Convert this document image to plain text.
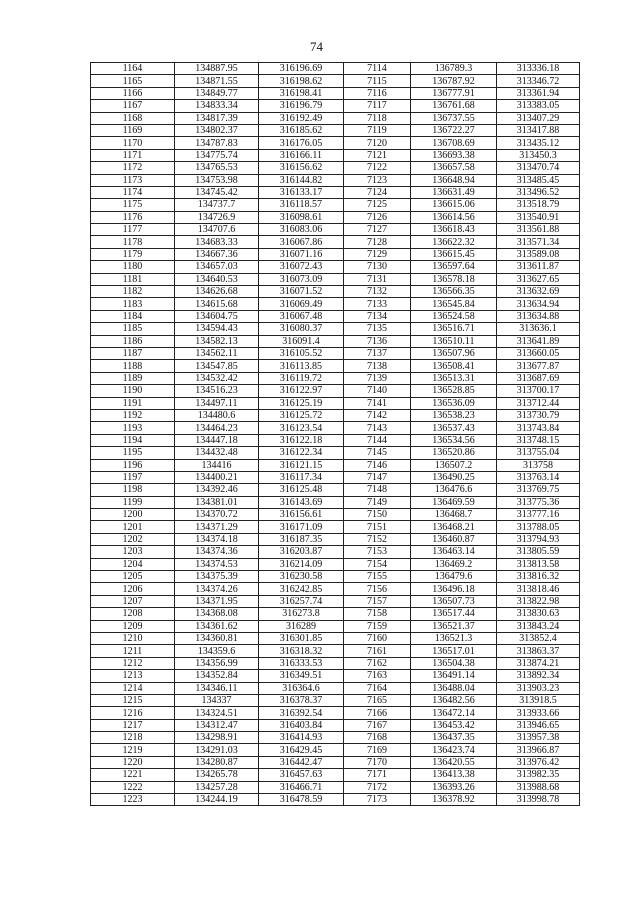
74
1164	134887.95	316196.69	7114	136789.3	313336.18
1165	134871.55	316198.62	7115	136787.92	313346.72
1166	134849.77	316198.41	7116	136777.91	313361.94
1167	134833.34	316196.79	7117	136761.68	313383.05
1168	134817.39	316192.49	7118	136737.55	313407.29
1169	134802.37	316185.62	7119	136722.27	313417.88
1170	134787.83	316176.05	7120	136708.69	313435.12
1171	134775.74	316166.11	7121	136693.38	313450.3
1172	134765.53	316156.62	7122	136657.58	313470.74
1173	134753.98	316144.82	7123	136648.94	313485.45
1174	134745.42	316133.17	7124	136631.49	313496.52
1175	134737.7	316118.57	7125	136615.06	313518.79
1176	134726.9	316098.61	7126	136614.56	313540.91
1177	134707.6	316083.06	7127	136618.43	313561.88
1178	134683.33	316067.86	7128	136622.32	313571.34
1179	134667.36	316071.16	7129	136615.45	313589.08
1180	134657.03	316072.43	7130	136597.64	313611.87
1181	134640.53	316073.09	7131	136578.18	313627.65
1182	134626.68	316071.52	7132	136566.35	313632.69
1183	134615.68	316069.49	7133	136545.84	313634.94
1184	134604.75	316067.48	7134	136524.58	313634.88
1185	134594.43	316080.37	7135	136516.71	313636.1
1186	134582.13	316091.4	7136	136510.11	313641.89
1187	134562.11	316105.52	7137	136507.96	313660.05
1188	134547.85	316113.85	7138	136508.41	313677.87
1189	134532.42	316119.72	7139	136513.31	313687.69
1190	134516.23	316122.97	7140	136528.85	313700.17
1191	134497.11	316125.19	7141	136536.09	313712.44
1192	134480.6	316125.72	7142	136538.23	313730.79
1193	134464.23	316123.54	7143	136537.43	313743.84
1194	134447.18	316122.18	7144	136534.56	313748.15
1195	134432.48	316122.34	7145	136520.86	313755.04
1196	134416	316121.15	7146	136507.2	313758
1197	134400.21	316117.34	7147	136490.25	313763.14
1198	134392.46	316125.48	7148	136476.6	313769.75
1199	134381.01	316143.69	7149	136469.59	313775.36
1200	134370.72	316156.61	7150	136468.7	313777.16
1201	134371.29	316171.09	7151	136468.21	313788.05
1202	134374.18	316187.35	7152	136460.87	313794.93
1203	134374.36	316203.87	7153	136463.14	313805.59
1204	134374.53	316214.09	7154	136469.2	313813.58
1205	134375.39	316230.58	7155	136479.6	313816.32
1206	134374.26	316242.85	7156	136496.18	313818.46
1207	134371.95	316257.74	7157	136507.73	313822.98
1208	134368.08	316273.8	7158	136517.44	313830.63
1209	134361.62	316289	7159	136521.37	313843.24
1210	134360.81	316301.85	7160	136521.3	313852.4
1211	134359.6	316318.32	7161	136517.01	313863.37
1212	134356.99	316333.53	7162	136504.38	313874.21
1213	134352.84	316349.51	7163	136491.14	313892.34
1214	134346.11	316364.6	7164	136488.04	313903.23
1215	134337	316378.37	7165	136482.56	313918.5
1216	134324.51	316392.54	7166	136472.14	313933.66
1217	134312.47	316403.84	7167	136453.42	313946.65
1218	134298.91	316414.93	7168	136437.35	313957.38
1219	134291.03	316429.45	7169	136423.74	313966.87
1220	134280.87	316442.47	7170	136420.55	313976.42
1221	134265.78	316457.63	7171	136413.38	313982.35
1222	134257.28	316466.71	7172	136393.26	313988.68
1223	134244.19	316478.59	7173	136378.92	313998.78
